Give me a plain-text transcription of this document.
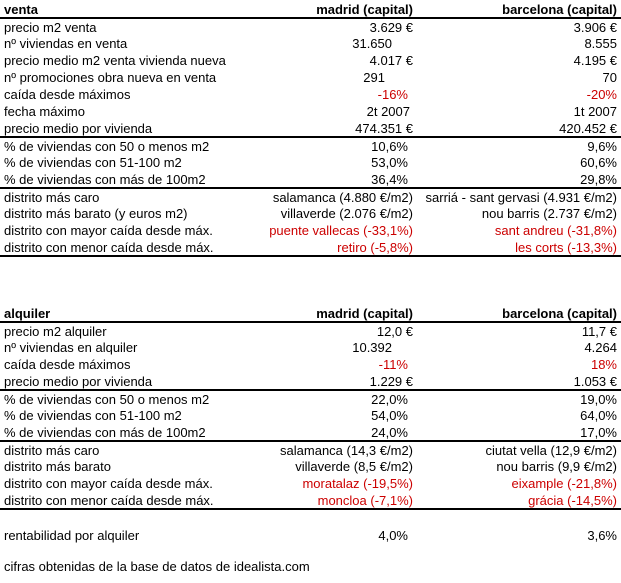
venta	madrid (capital)	barcelona (capital)
precio m2 venta	3.629 €	3.906 €
nº viviendas en venta	31.650	8.555
precio medio m2 venta vivienda nueva	4.017 €	4.195 €
nº promociones obra nueva en venta	291	70
caída desde máximos	-16%	-20%
fecha máximo	2t 2007	1t 2007
precio medio por vivienda	474.351 €	420.452 €
% de viviendas con 50 o menos m2	10,6%	9,6%
% de viviendas con 51-100 m2	53,0%	60,6%
% de viviendas con más de 100m2	36,4%	29,8%
distrito más caro	salamanca (4.880 €/m2)	sarriá - sant gervasi (4.931 €/m2)
distrito más barato (y euros m2)	villaverde (2.076 €/m2)	nou barris (2.737 €/m2)
distrito con mayor caída desde máx.	puente vallecas (-33,1%)	sant andreu (-31,8%)
distrito con menor caída desde máx.	retiro (-5,8%)	les corts (-13,3%)
alquiler	madrid (capital)	barcelona (capital)
precio m2 alquiler	12,0 €	11,7 €
nº viviendas en alquiler	10.392	4.264
caída desde máximos	-11%	18%
precio medio por vivienda	1.229 €	1.053 €
% de viviendas con 50 o menos m2	22,0%	19,0%
% de viviendas con 51-100 m2	54,0%	64,0%
% de viviendas con más de 100m2	24,0%	17,0%
distrito más caro	salamanca (14,3 €/m2)	ciutat vella (12,9 €/m2)
distrito más barato	villaverde (8,5 €/m2)	nou barris (9,9 €/m2)
distrito con mayor caída desde máx.	moratalaz (-19,5%)	eixample (-21,8%)
distrito con menor caída desde máx.	moncloa (-7,1%)	grácia (-14,5%)
rentabilidad por alquiler	4,0%	3,6%
cifras obtenidas de la base de datos de idealista.com
